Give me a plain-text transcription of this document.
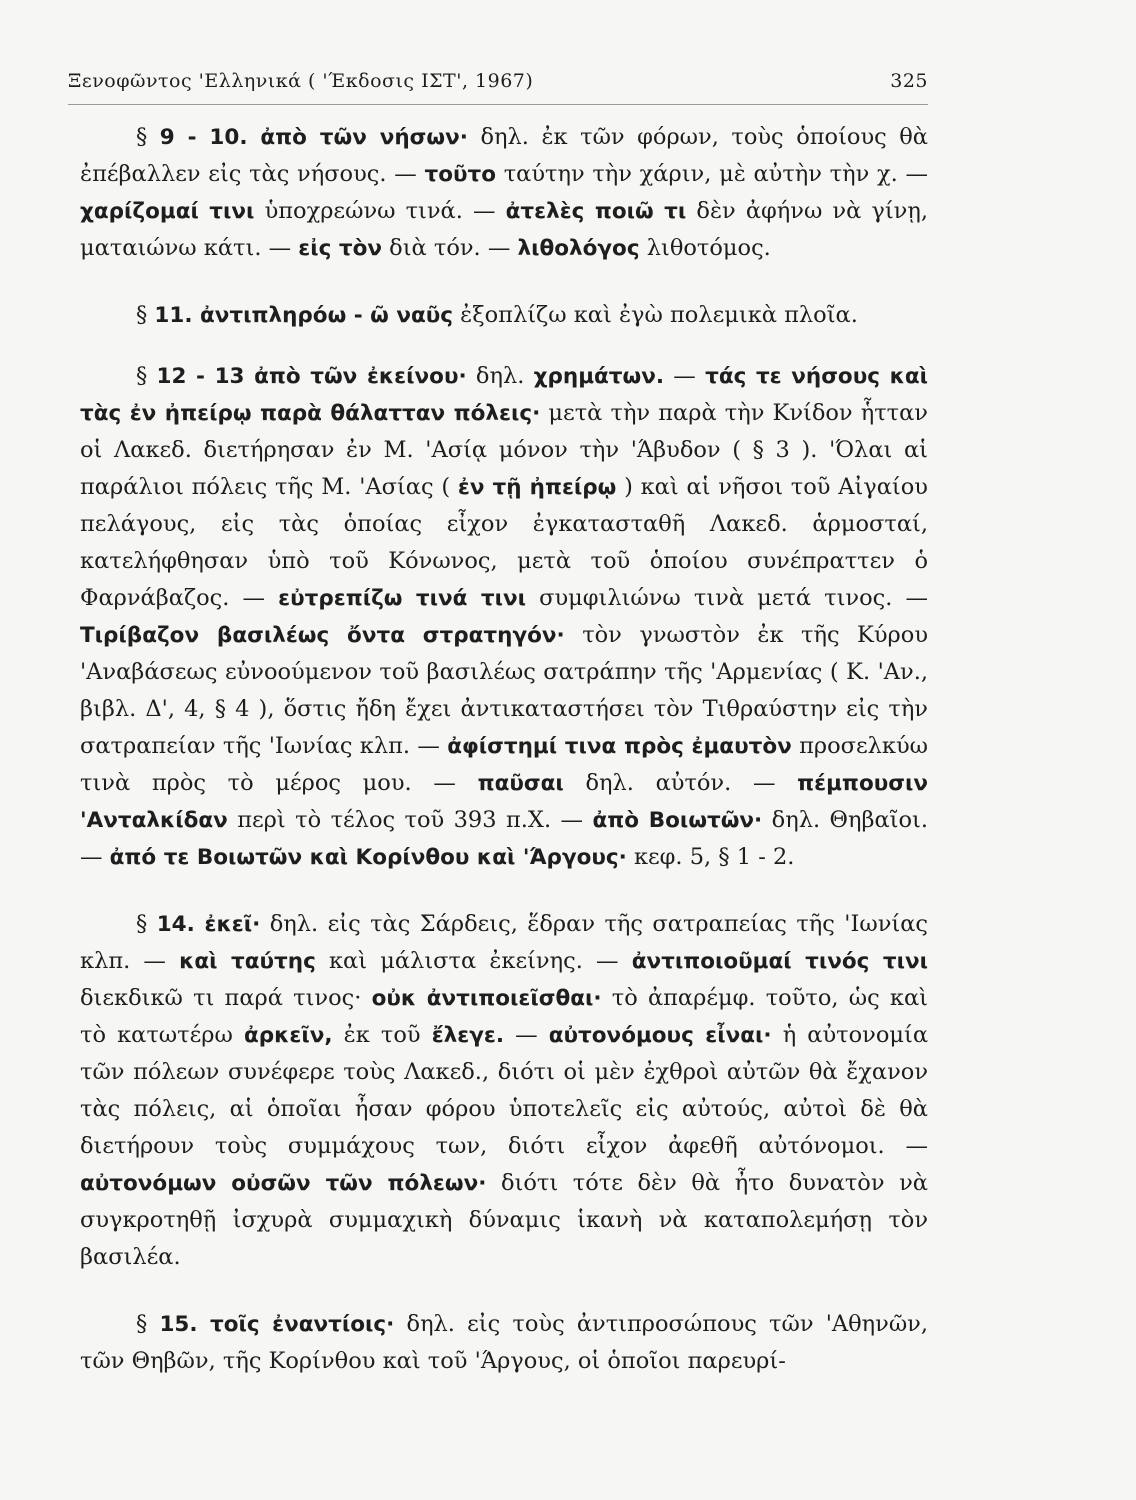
Ξενοφῶντος 'Ελληνικά ( 'Έκδοσις ΙΣΤ', 1967)	325

§ 9 - 10. ἀπὸ τῶν νήσων· δηλ. ἐκ τῶν φόρων, τοὺς ὁποίους θὰ ἐπέβαλλεν εἰς τὰς νήσους. — τοῦτο ταύτην τὴν χάριν, μὲ αὐτὴν τὴν χ. — χαρίζομαί τινι ὑποχρεώνω τινά. — ἀτελὲς ποιῶ τι δὲν ἀφήνω νὰ γίνῃ, ματαιώνω κάτι. — εἰς τὸν διὰ τόν. — λιθολόγος λιθοτόμος.

§ 11. ἀντιπληρόω - ῶ ναῦς ἐξοπλίζω καὶ ἐγὼ πολεμικὰ πλοῖα.

§ 12 - 13 ἀπὸ τῶν ἐκείνου· δηλ. χρημάτων. — τάς τε νήσους καὶ τὰς ἐν ἠπείρῳ παρὰ θάλατταν πόλεις· μετὰ τὴν παρὰ τὴν Κνίδον ἧτταν οἱ Λακεδ. διετήρησαν ἐν Μ. 'Ασίᾳ μόνον τὴν 'Άβυδον ( § 3 ). 'Όλαι αἱ παράλιοι πόλεις τῆς Μ. 'Ασίας ( ἐν τῇ ἠπείρῳ ) καὶ αἱ νῆσοι τοῦ Αἰγαίου πελάγους, εἰς τὰς ὁποίας εἶχον ἐγκατασταθῆ Λακεδ. ἁρμοσταί, κατελήφθησαν ὑπὸ τοῦ Κόνωνος, μετὰ τοῦ ὁποίου συνέπραττεν ὁ Φαρνάβαζος. — εὐτρεπίζω τινά τινι συμφιλιώνω τινὰ μετά τινος. — Τιρίβαζον βασιλέως ὄντα στρατηγόν· τὸν γνωστὸν ἐκ τῆς Κύρου 'Αναβάσεως εὐνοούμενον τοῦ βασιλέως σατράπην τῆς 'Αρμενίας ( Κ. 'Αν., βιβλ. Δ', 4, § 4 ), ὅστις ἤδη ἔχει ἀντικαταστήσει τὸν Τιθραύστην εἰς τὴν σατραπείαν τῆς 'Ιωνίας κλπ. — ἀφίστημί τινα πρὸς ἐμαυτὸν προσελκύω τινὰ πρὸς τὸ μέρος μου. — παῦσαι δηλ. αὐτόν. — πέμπουσιν 'Ανταλκίδαν περὶ τὸ τέλος τοῦ 393 π.Χ. — ἀπὸ Βοιωτῶν· δηλ. Θηβαῖοι. — ἀπό τε Βοιωτῶν καὶ Κορίνθου καὶ 'Άργους· κεφ. 5, § 1 - 2.

§ 14. ἐκεῖ· δηλ. εἰς τὰς Σάρδεις, ἕδραν τῆς σατραπείας τῆς 'Ιωνίας κλπ. — καὶ ταύτης καὶ μάλιστα ἐκείνης. — ἀντιποιοῦμαί τινός τινι διεκδικῶ τι παρά τινος· οὐκ ἀντιποιεῖσθαι· τὸ ἀπαρέμφ. τοῦτο, ὡς καὶ τὸ κατωτέρω ἀρκεῖν, ἐκ τοῦ ἔλεγε. — αὐτονόμους εἶναι· ἡ αὐτονομία τῶν πόλεων συνέφερε τοὺς Λακεδ., διότι οἱ μὲν ἐχθροὶ αὐτῶν θὰ ἔχανον τὰς πόλεις, αἱ ὁποῖαι ἦσαν φόρου ὑποτελεῖς εἰς αὐτούς, αὐτοὶ δὲ θὰ διετήρουν τοὺς συμμάχους των, διότι εἶχον ἀφεθῆ αὐτόνομοι. — αὐτονόμων οὐσῶν τῶν πόλεων· διότι τότε δὲν θὰ ἦτο δυνατὸν νὰ συγκροτηθῇ ἰσχυρὰ συμμαχικὴ δύναμις ἱκανὴ νὰ καταπολεμήσῃ τὸν βασιλέα.

§ 15. τοῖς ἐναντίοις· δηλ. εἰς τοὺς ἀντιπροσώπους τῶν 'Αθηνῶν, τῶν Θηβῶν, τῆς Κορίνθου καὶ τοῦ 'Άργους, οἱ ὁποῖοι παρευρί-
